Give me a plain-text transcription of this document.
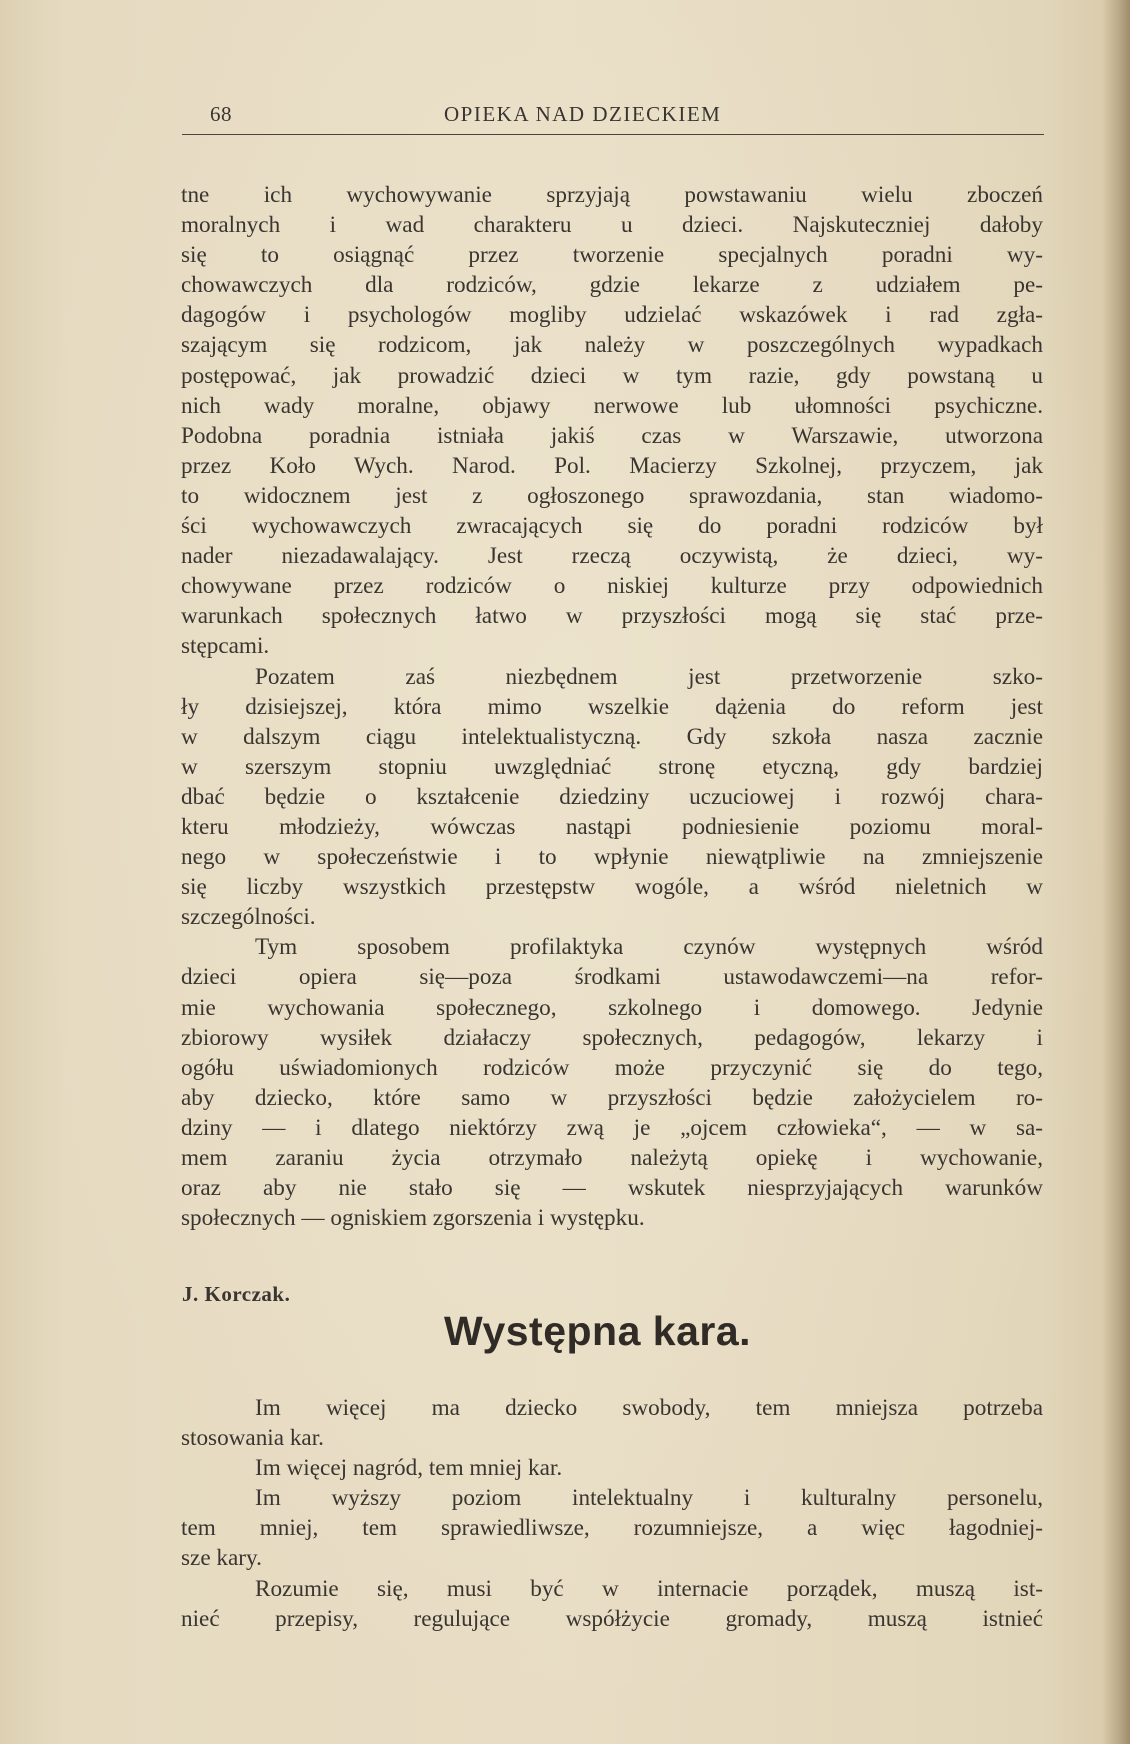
68	OPIEKA NAD DZIECKIEM
tne ich wychowywanie sprzyjają powstawaniu wielu zboczeń
moralnych i wad charakteru u dzieci. Najskuteczniej dałoby
się to osiągnąć przez tworzenie specjalnych poradni wy-
chowawczych dla rodziców, gdzie lekarze z udziałem pe-
dagogów i psychologów mogliby udzielać wskazówek i rad zgła-
szającym się rodzicom, jak należy w poszczególnych wypadkach
postępować, jak prowadzić dzieci w tym razie, gdy powstaną u
nich wady moralne, objawy nerwowe lub ułomności psychiczne.
Podobna poradnia istniała jakiś czas w Warszawie, utworzona
przez Koło Wych. Narod. Pol. Macierzy Szkolnej, przyczem, jak
to widocznem jest z ogłoszonego sprawozdania, stan wiadomo-
ści wychowawczych zwracających się do poradni rodziców był
nader niezadawalający. Jest rzeczą oczywistą, że dzieci, wy-
chowywane przez rodziców o niskiej kulturze przy odpowiednich
warunkach społecznych łatwo w przyszłości mogą się stać prze-
stępcami.
Pozatem zaś niezbędnem jest przetworzenie szko-
ły dzisiejszej, która mimo wszelkie dążenia do reform jest
w dalszym ciągu intelektualistyczną. Gdy szkoła nasza zacznie
w szerszym stopniu uwzględniać stronę etyczną, gdy bardziej
dbać będzie o kształcenie dziedziny uczuciowej i rozwój chara-
kteru młodzieży, wówczas nastąpi podniesienie poziomu moral-
nego w społeczeństwie i to wpłynie niewątpliwie na zmniejszenie
się liczby wszystkich przestępstw wogóle, a wśród nieletnich w
szczególności.
Tym sposobem profilaktyka czynów występnych wśród
dzieci opiera się—poza środkami ustawodawczemi—na refor-
mie wychowania społecznego, szkolnego i domowego. Jedynie
zbiorowy wysiłek działaczy społecznych, pedagogów, lekarzy i
ogółu uświadomionych rodziców może przyczynić się do tego,
aby dziecko, które samo w przyszłości będzie założycielem ro-
dziny — i dlatego niektórzy zwą je „ojcem człowieka“, — w sa-
mem zaraniu życia otrzymało należytą opiekę i wychowanie,
oraz aby nie stało się — wskutek niesprzyjających warunków
społecznych — ogniskiem zgorszenia i występku.
J. Korczak.
Występna kara.
Im więcej ma dziecko swobody, tem mniejsza potrzeba
stosowania kar.
Im więcej nagród, tem mniej kar.
Im wyższy poziom intelektualny i kulturalny personelu,
tem mniej, tem sprawiedliwsze, rozumniejsze, a więc łagodniej-
sze kary.
Rozumie się, musi być w internacie porządek, muszą ist-
nieć przepisy, regulujące współżycie gromady, muszą istnieć
